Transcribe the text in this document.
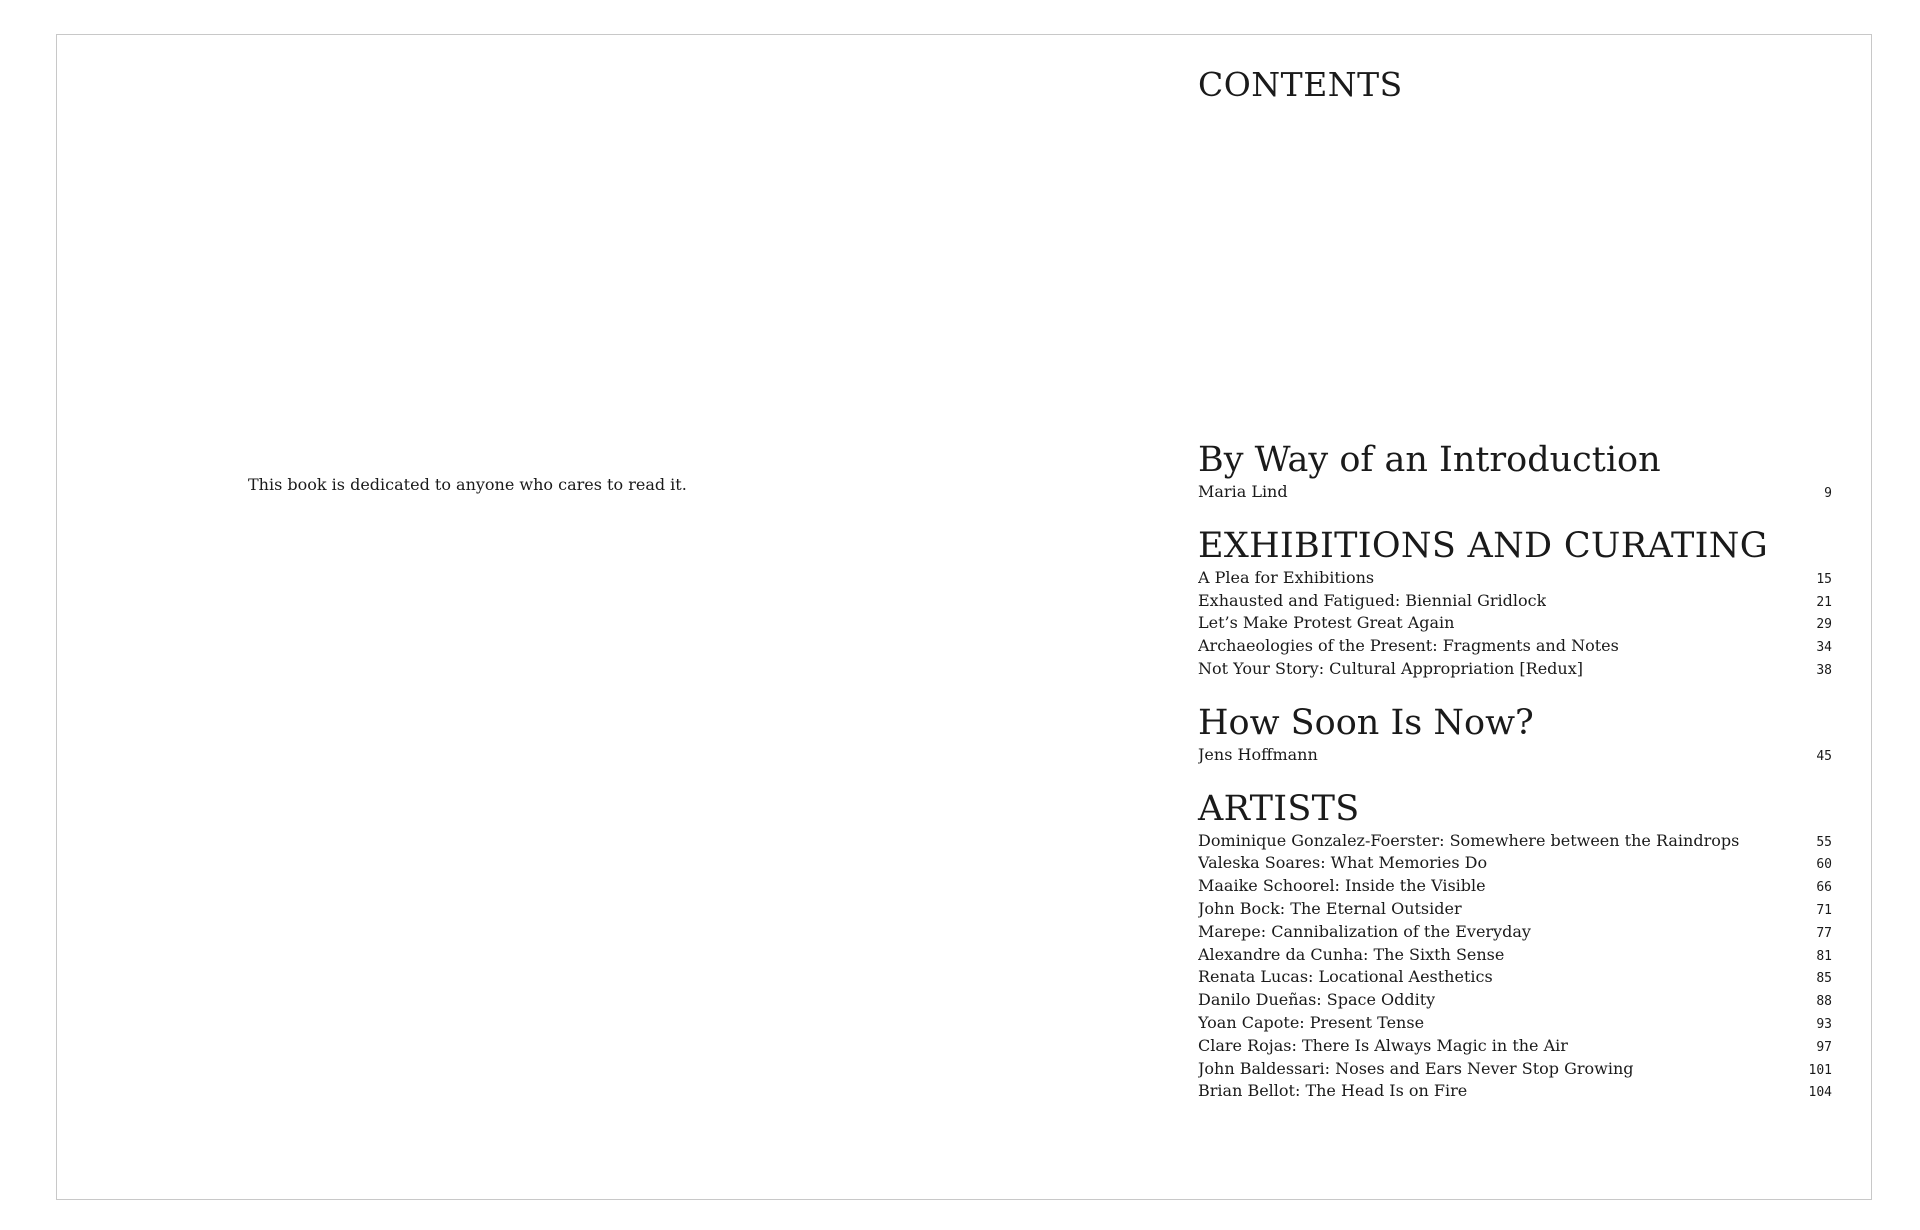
This book is dedicated to anyone who cares to read it.

CONTENTS
By Way of an Introduction
Maria Lind	9
EXHIBITIONS AND CURATING
A Plea for Exhibitions	15
Exhausted and Fatigued: Biennial Gridlock	21
Let’s Make Protest Great Again	29
Archaeologies of the Present: Fragments and Notes	34
Not Your Story: Cultural Appropriation [Redux]	38
How Soon Is Now?
Jens Hoffmann	45
ARTISTS
Dominique Gonzalez-Foerster: Somewhere between the Raindrops	55
Valeska Soares: What Memories Do	60
Maaike Schoorel: Inside the Visible	66
John Bock: The Eternal Outsider	71
Marepe: Cannibalization of the Everyday	77
Alexandre da Cunha: The Sixth Sense	81
Renata Lucas: Locational Aesthetics	85
Danilo Dueñas: Space Oddity	88
Yoan Capote: Present Tense	93
Clare Rojas: There Is Always Magic in the Air	97
John Baldessari: Noses and Ears Never Stop Growing	101
Brian Bellot: The Head Is on Fire	104
